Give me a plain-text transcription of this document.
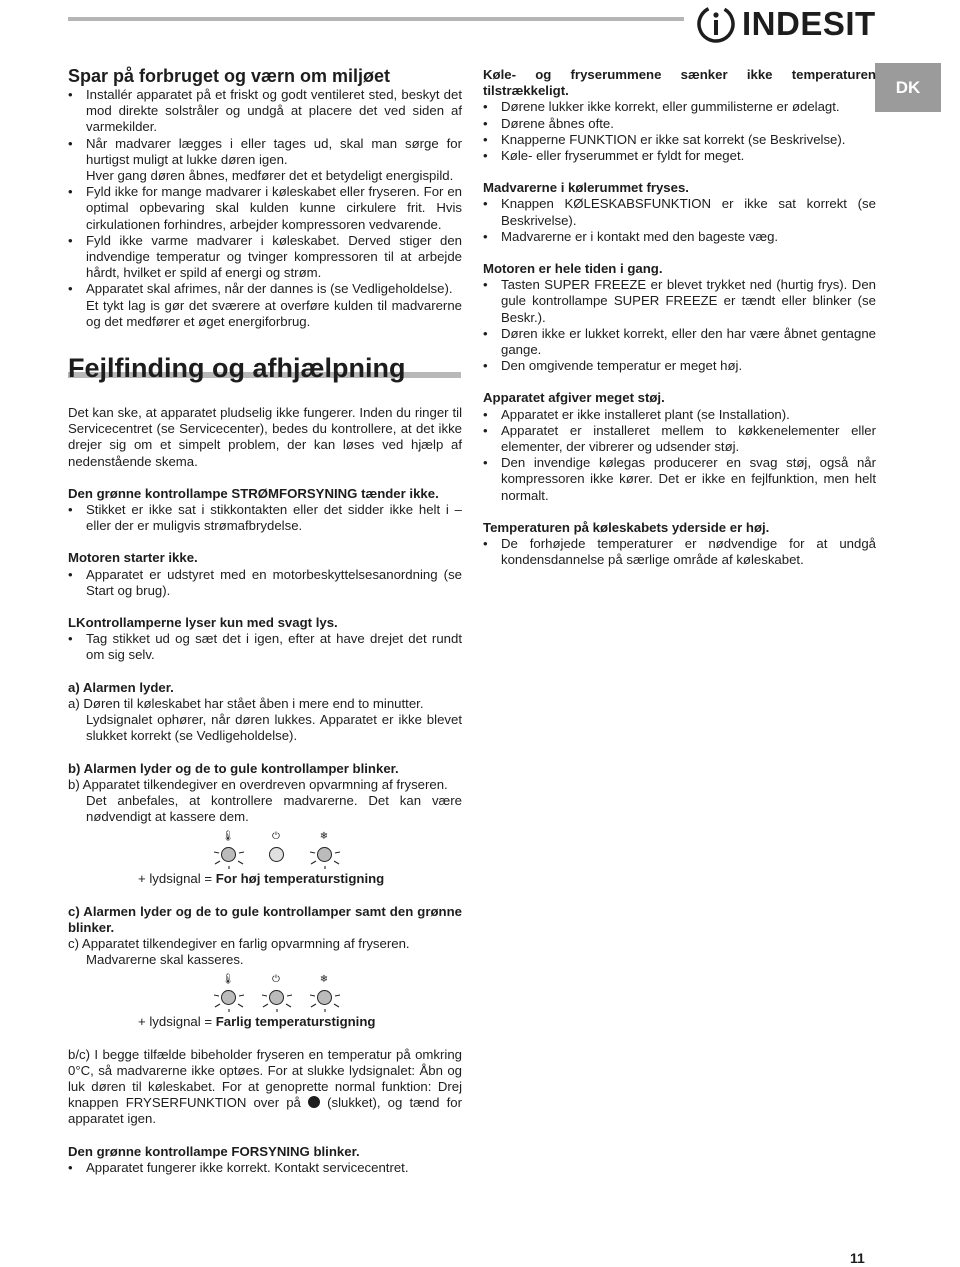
INDESIT
DK
Spar på forbruget og værn om miljøet
• Installér apparatet på et friskt og godt ventileret sted, beskyt det mod direkte solstråler og undgå at placere det ved siden af varmekilder.
• Når madvarer lægges i eller tages ud, skal man sørge for hurtigst muligt at lukke døren igen.
Hver gang døren åbnes, medfører det et betydeligt energispild.
• Fyld ikke for mange madvarer i køleskabet eller fryseren. For en optimal opbevaring skal kulden kunne cirkulere frit. Hvis cirkulationen forhindres, arbejder kompressoren vedvarende.
• Fyld ikke varme madvarer i køleskabet. Derved stiger den indvendige temperatur og tvinger kompressoren til at arbejde hårdt, hvilket er spild af energi og strøm.
• Apparatet skal afrimes, når der dannes is (se Vedligeholdelse).
Et tykt lag is gør det sværere at overføre kulden til madvarerne og det medfører et øget energiforbrug.
Fejlfinding og afhjælpning

Det kan ske, at apparatet pludselig ikke fungerer. Inden du ringer til Servicecentret (se Servicecenter), bedes du kontrollere, at det ikke drejer sig om et simpelt problem, der kan løses ved hjælp af nedenstående skema.

Den grønne kontrollampe STRØMFORSYNING tænder ikke.

• Stikket er ikke sat i stikkontakten eller det sidder ikke helt i – eller der er muligvis strømafbrydelse.

Motoren starter ikke.

• Apparatet er udstyret med en motorbeskyttelsesanordning (se Start og brug).

LKontrollamperne lyser kun med svagt lys.

• Tag stikket ud og sæt det i igen, efter at have drejet det rundt om sig selv.

a) Alarmen lyder.

a) Døren til køleskabet har stået åben i mere end to minutter.

Lydsignalet ophører, når døren lukkes. Apparatet er ikke blevet slukket korrekt (se Vedligeholdelse).

b) Alarmen lyder og de to gule kontrollamper blinker.

b) Apparatet tilkendegiver en overdreven opvarmning af fryseren.

Det anbefales, at kontrollere madvarerne. Det kan være nødvendigt at kassere dem.

🌡	⏻	❄

+ lydsignal = For høj temperaturstigning

c) Alarmen lyder og de to gule kontrollamper samt den grønne blinker.

c) Apparatet tilkendegiver en farlig opvarmning af fryseren.

Madvarerne skal kasseres.

🌡	⏻	❄

+ lydsignal = Farlig temperaturstigning

b/c) I begge tilfælde bibeholder fryseren en temperatur på omkring 0°C, så madvarerne ikke optøes. For at slukke lydsignalet: Åbn og luk døren til køleskabet. For at genoprette normal funktion: Drej knappen FRYSERFUNKTION over på (slukket), og tænd for apparatet igen.

Den grønne kontrollampe FORSYNING blinker.

• Apparatet fungerer ikke korrekt. Kontakt servicecentret.

Køle- og fryserummene sænker ikke temperaturen tilstrækkeligt.

• Dørene lukker ikke korrekt, eller gummilisterne er ødelagt.
• Dørene åbnes ofte.
• Knapperne FUNKTION er ikke sat korrekt (se Beskrivelse).
• Køle- eller fryserummet er fyldt for meget.

Madvarerne i kølerummet fryses.

• Knappen KØLESKABSFUNKTION er ikke sat korrekt (se Beskrivelse).
• Madvarerne er i kontakt med den bageste væg.

Motoren er hele tiden i gang.

• Tasten SUPER FREEZE er blevet trykket ned (hurtig frys). Den gule kontrollampe SUPER FREEZE er tændt eller blinker (se Beskr.).
• Døren ikke er lukket korrekt, eller den har være åbnet gentagne gange.
• Den omgivende temperatur er meget høj.

Apparatet afgiver meget støj.

• Apparatet er ikke installeret plant (se Installation).
• Apparatet er installeret mellem to køkkenelementer eller elementer, der vibrerer og udsender støj.
• Den invendige kølegas producerer en svag støj, også når kompressoren ikke kører. Det er ikke en fejlfunktion, men helt normalt.

Temperaturen på køleskabets yderside er høj.

• De forhøjede temperaturer er nødvendige for at undgå kondensdannelse på særlige område af køleskabet.
11
